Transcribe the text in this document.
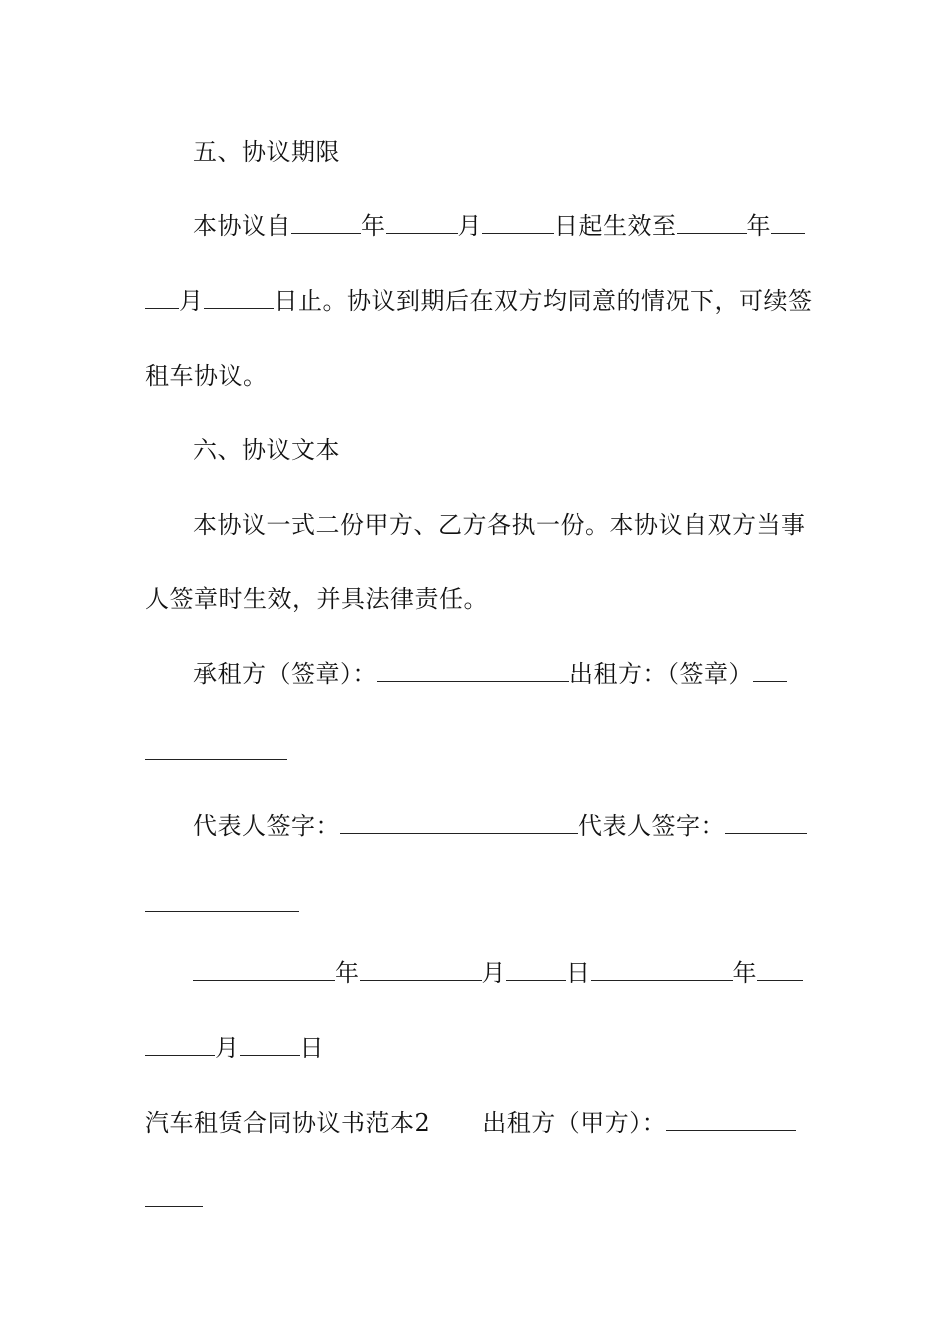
五、协议期限
本协议自	年	月	日起生效至	年
月	日止。协议到期后在双方均同意的情况下，可续签
租车协议。
六、协议文本
本协议一式二份甲方、乙方各执一份。本协议自双方当事
人签章时生效，并具法律责任。
承租方（签章）：	出租方：（签章）
代表人签字：	代表人签字：
年	月	日	年
月	日
汽车租赁合同协议书范本2 出租方（甲方）：
